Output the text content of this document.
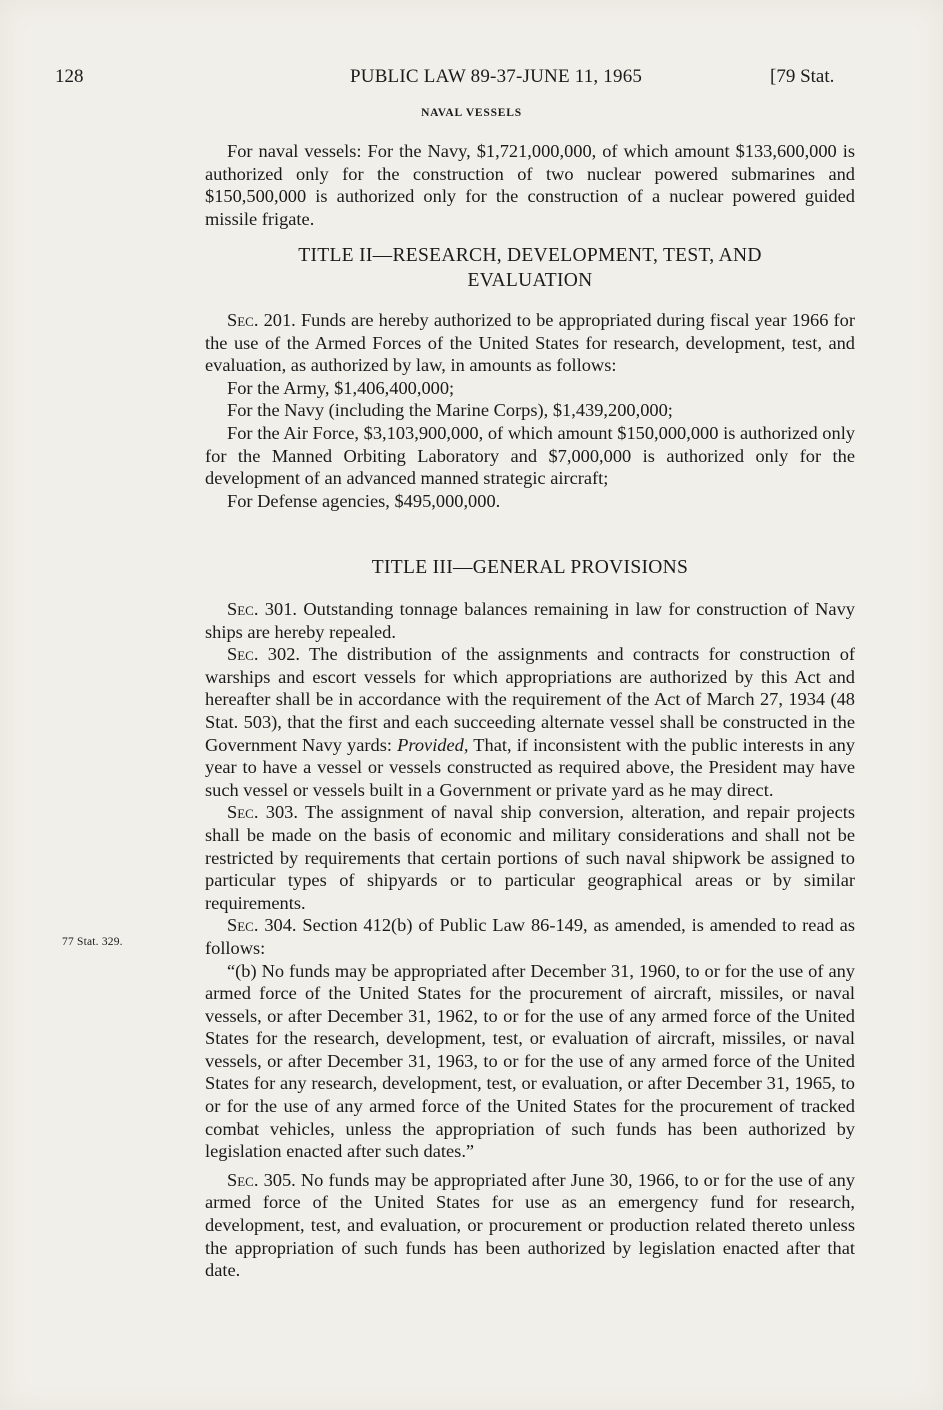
128	PUBLIC LAW 89-37-JUNE 11, 1965	[79 Stat.
NAVAL VESSELS

For naval vessels: For the Navy, $1,721,000,000, of which amount $133,600,000 is authorized only for the construction of two nuclear powered submarines and $150,500,000 is authorized only for the construction of a nuclear powered guided missile frigate.

TITLE II—RESEARCH, DEVELOPMENT, TEST, AND
EVALUATION

Sec. 201. Funds are hereby authorized to be appropriated during fiscal year 1966 for the use of the Armed Forces of the United States for research, development, test, and evaluation, as authorized by law, in amounts as follows:

For the Army, $1,406,400,000;

For the Navy (including the Marine Corps), $1,439,200,000;

For the Air Force, $3,103,900,000, of which amount $150,000,000 is authorized only for the Manned Orbiting Laboratory and $7,000,000 is authorized only for the development of an advanced manned strategic aircraft;

For Defense agencies, $495,000,000.

TITLE III—GENERAL PROVISIONS

Sec. 301. Outstanding tonnage balances remaining in law for construction of Navy ships are hereby repealed.

Sec. 302. The distribution of the assignments and contracts for construction of warships and escort vessels for which appropriations are authorized by this Act and hereafter shall be in accordance with the requirement of the Act of March 27, 1934 (48 Stat. 503), that the first and each succeeding alternate vessel shall be constructed in the Government Navy yards: Provided, That, if inconsistent with the public interests in any year to have a vessel or vessels constructed as required above, the President may have such vessel or vessels built in a Government or private yard as he may direct.

Sec. 303. The assignment of naval ship conversion, alteration, and repair projects shall be made on the basis of economic and military considerations and shall not be restricted by requirements that certain portions of such naval shipwork be assigned to particular types of shipyards or to particular geographical areas or by similar requirements.

Sec. 304. Section 412(b) of Public Law 86-149, as amended, is amended to read as follows:

“(b) No funds may be appropriated after December 31, 1960, to or for the use of any armed force of the United States for the procurement of aircraft, missiles, or naval vessels, or after December 31, 1962, to or for the use of any armed force of the United States for the research, development, test, or evaluation of aircraft, missiles, or naval vessels, or after December 31, 1963, to or for the use of any armed force of the United States for any research, development, test, or evaluation, or after December 31, 1965, to or for the use of any armed force of the United States for the procurement of tracked combat vehicles, unless the appropriation of such funds has been authorized by legislation enacted after such dates.”

Sec. 305. No funds may be appropriated after June 30, 1966, to or for the use of any armed force of the United States for use as an emergency fund for research, development, test, and evaluation, or procurement or production related thereto unless the appropriation of such funds has been authorized by legislation enacted after that date.

77 Stat. 329.
